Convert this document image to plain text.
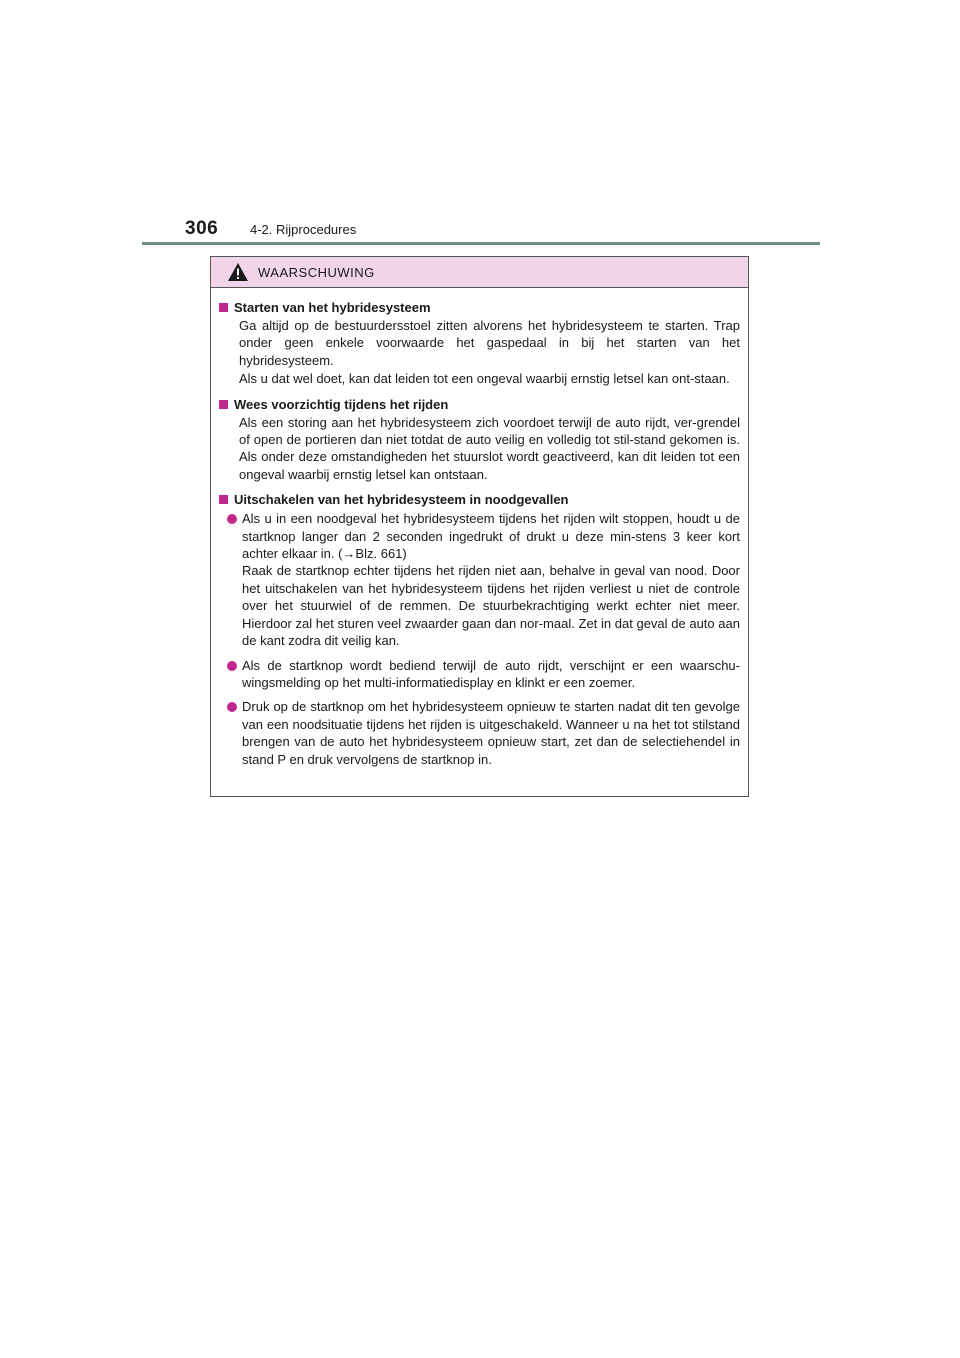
306 4-2. Rijprocedures
WAARSCHUWING
Starten van het hybridesysteem

Ga altijd op de bestuurdersstoel zitten alvorens het hybridesysteem te starten. Trap onder geen enkele voorwaarde het gaspedaal in bij het starten van het hybridesysteem.

Als u dat wel doet, kan dat leiden tot een ongeval waarbij ernstig letsel kan ont-staan.

Wees voorzichtig tijdens het rijden

Als een storing aan het hybridesysteem zich voordoet terwijl de auto rijdt, ver-grendel of open de portieren dan niet totdat de auto veilig en volledig tot stil-stand gekomen is. Als onder deze omstandigheden het stuurslot wordt geactiveerd, kan dit leiden tot een ongeval waarbij ernstig letsel kan ontstaan.

Uitschakelen van het hybridesysteem in noodgevallen
Als u in een noodgeval het hybridesysteem tijdens het rijden wilt stoppen, houdt u de startknop langer dan 2 seconden ingedrukt of drukt u deze min-stens 3 keer kort achter elkaar in. (→Blz. 661)
Raak de startknop echter tijdens het rijden niet aan, behalve in geval van nood. Door het uitschakelen van het hybridesysteem tijdens het rijden verliest u niet de controle over het stuurwiel of de remmen. De stuurbekrachtiging werkt echter niet meer. Hierdoor zal het sturen veel zwaarder gaan dan nor-maal. Zet in dat geval de auto aan de kant zodra dit veilig kan.
Als de startknop wordt bediend terwijl de auto rijdt, verschijnt er een waarschu-wingsmelding op het multi-informatiedisplay en klinkt er een zoemer.
Druk op de startknop om het hybridesysteem opnieuw te starten nadat dit ten gevolge van een noodsituatie tijdens het rijden is uitgeschakeld. Wanneer u na het tot stilstand brengen van de auto het hybridesysteem opnieuw start, zet dan de selectiehendel in stand P en druk vervolgens de startknop in.
